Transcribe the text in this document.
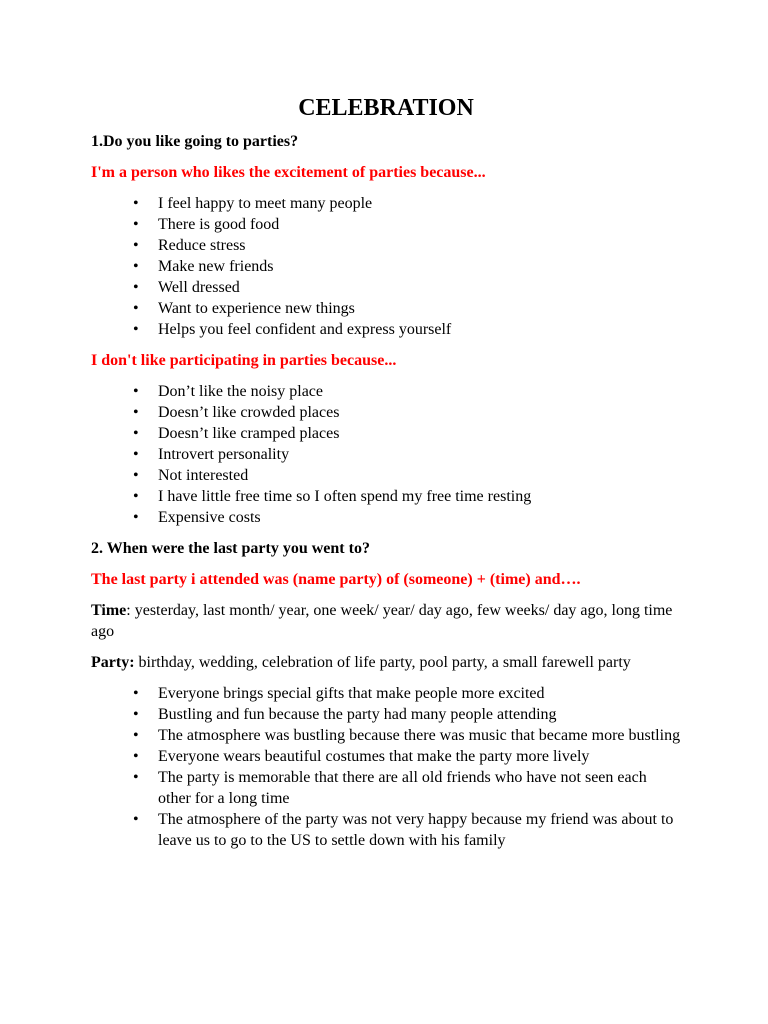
CELEBRATION

1.Do you like going to parties?

I'm a person who likes the excitement of parties because...

• I feel happy to meet many people
• There is good food
• Reduce stress
• Make new friends
• Well dressed
• Want to experience new things
• Helps you feel confident and express yourself

I don't like participating in parties because...

• Don’t like the noisy place
• Doesn’t like crowded places
• Doesn’t like cramped places
• Introvert personality
• Not interested
• I have little free time so I often spend my free time resting
• Expensive costs

2. When were the last party you went to?

The last party i attended was (name party) of (someone) + (time) and….

Time: yesterday, last month/ year, one week/ year/ day ago, few weeks/ day ago, long time ago

Party: birthday, wedding, celebration of life party, pool party, a small farewell party

• Everyone brings special gifts that make people more excited
• Bustling and fun because the party had many people attending
• The atmosphere was bustling because there was music that became more bustling
• Everyone wears beautiful costumes that make the party more lively
• The party is memorable that there are all old friends who have not seen each other for a long time
• The atmosphere of the party was not very happy because my friend was about to leave us to go to the US to settle down with his family
